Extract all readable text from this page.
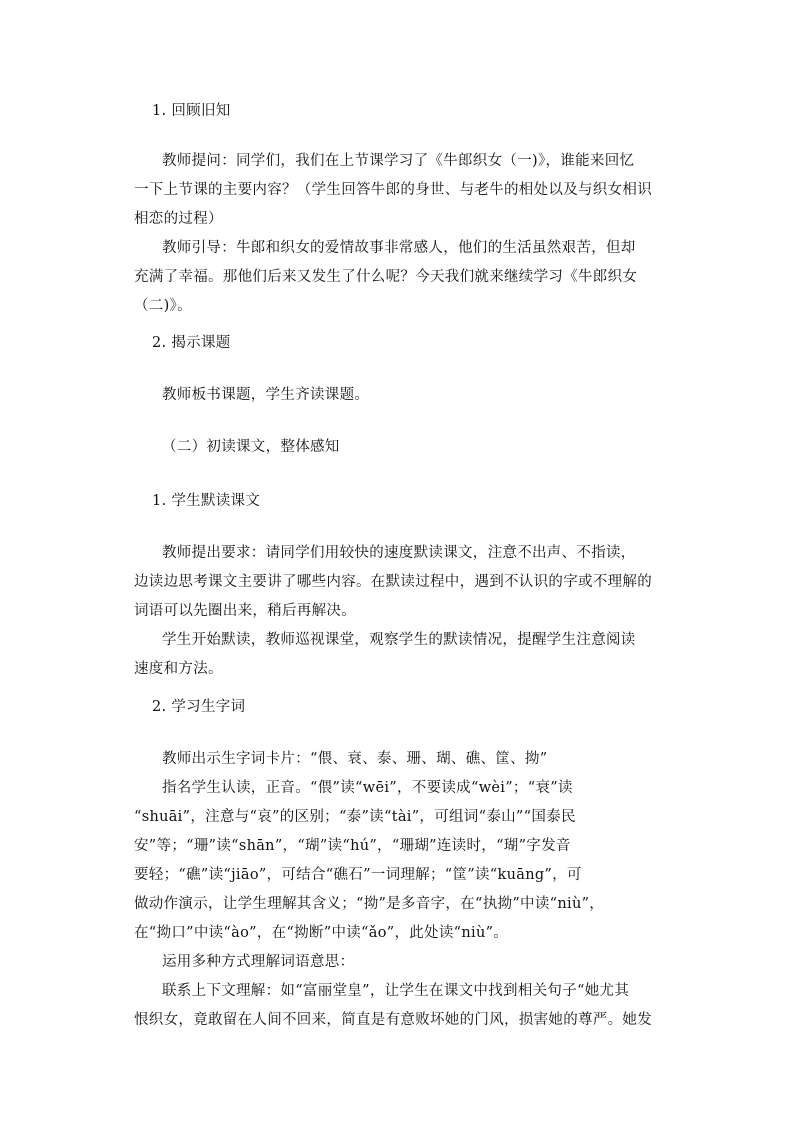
1. 回顾旧知

教师提问：同学们，我们在上节课学习了《牛郎织女（一)》，谁能来回忆

一下上节课的主要内容？（学生回答牛郎的身世、与老牛的相处以及与织女相识

相恋的过程）

教师引导：牛郎和织女的爱情故事非常感人，他们的生活虽然艰苦，但却

充满了幸福。那他们后来又发生了什么呢？今天我们就来继续学习《牛郎织女

（二)》。

2. 揭示课题

教师板书课题，学生齐读课题。

（二）初读课文，整体感知

1. 学生默读课文

教师提出要求：请同学们用较快的速度默读课文，注意不出声、不指读，

边读边思考课文主要讲了哪些内容。在默读过程中，遇到不认识的字或不理解的

词语可以先圈出来，稍后再解决。

学生开始默读，教师巡视课堂，观察学生的默读情况，提醒学生注意阅读

速度和方法。

2. 学习生字词

教师出示生字词卡片：“偎、衰、泰、珊、瑚、礁、筐、拗”

指名学生认读，正音。“偎”读“wēi”，不要读成“wèi”；“衰”读

“shuāi”，注意与“哀”的区别；“泰”读“tài”，可组词“泰山”“国泰民

安”等；“珊”读“shān”，“瑚”读“hú”，“珊瑚”连读时，“瑚”字发音

要轻；“礁”读“jiāo”，可结合“礁石”一词理解；“筐”读“kuāng”，可

做动作演示，让学生理解其含义；“拗”是多音字，在“执拗”中读“niù”，

在“拗口”中读“ào”，在“拗断”中读“ǎo”，此处读“niù”。

运用多种方式理解词语意思：

联系上下文理解：如“富丽堂皇”，让学生在课文中找到相关句子“她尤其

恨织女，竟敢留在人间不回来，简直是有意败坏她的门风，损害她的尊严。她发
